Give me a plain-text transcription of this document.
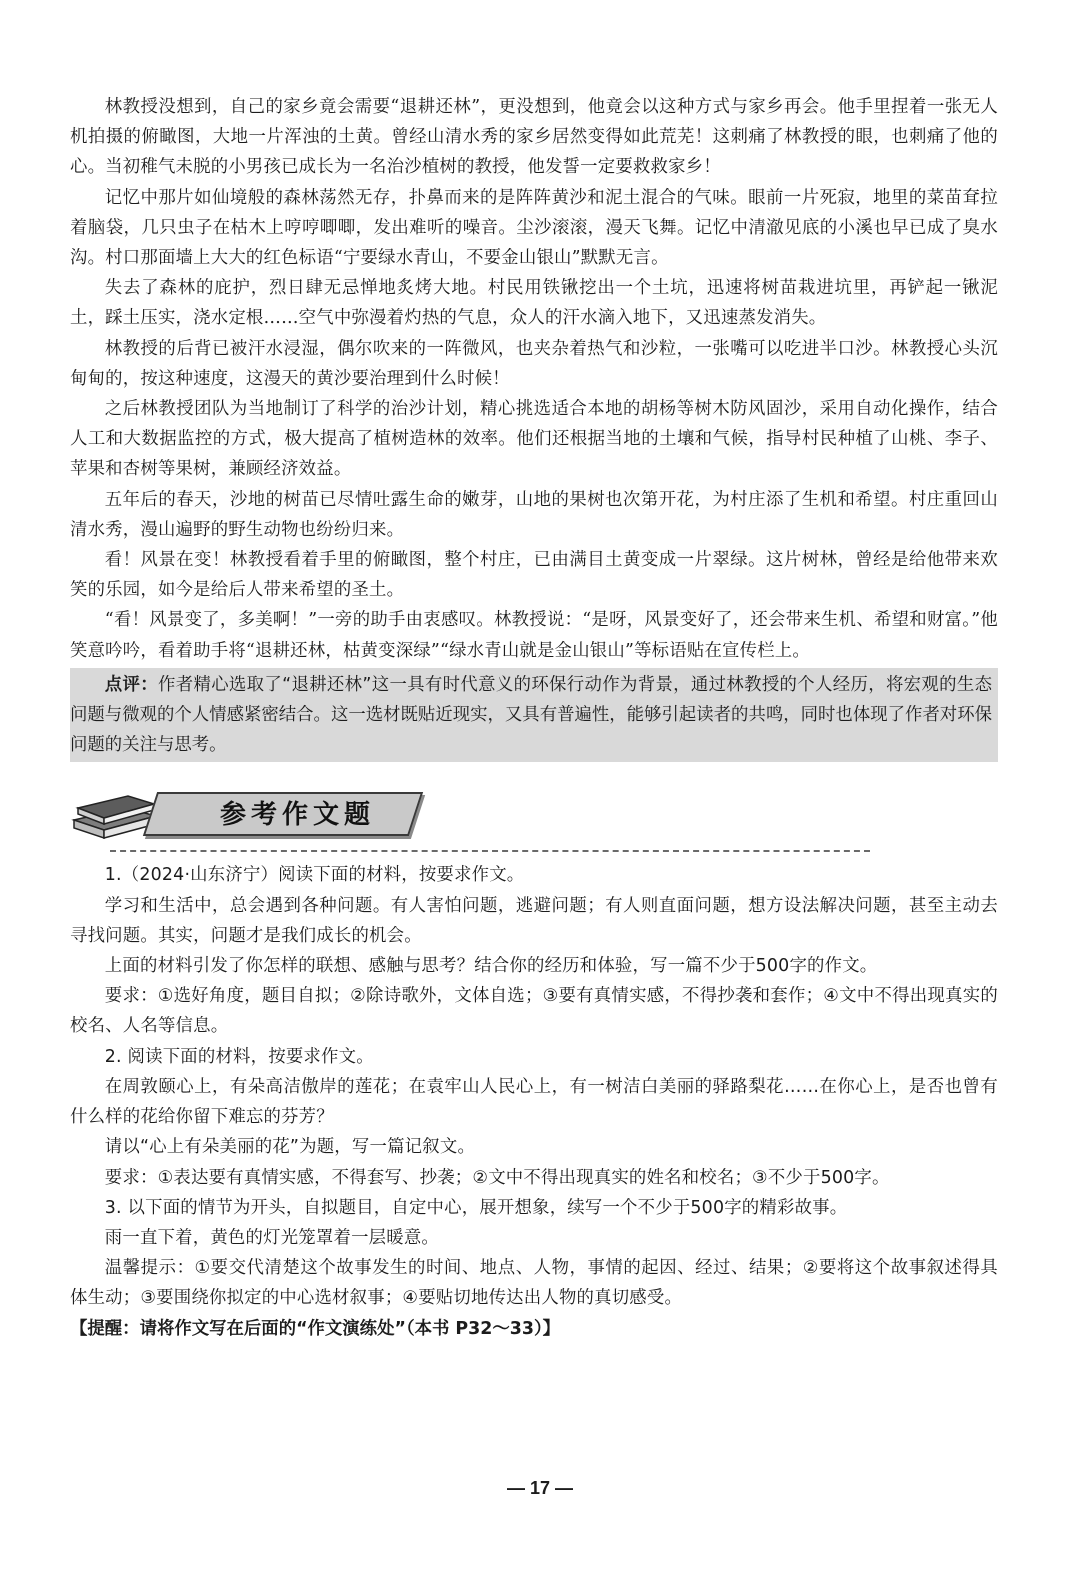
林教授没想到，自己的家乡竟会需要“退耕还林”，更没想到，他竟会以这种方式与家乡再会。他手里捏着一张无人机拍摄的俯瞰图，大地一片浑浊的土黄。曾经山清水秀的家乡居然变得如此荒芜！这刺痛了林教授的眼，也刺痛了他的心。当初稚气未脱的小男孩已成长为一名治沙植树的教授，他发誓一定要救救家乡！

记忆中那片如仙境般的森林荡然无存，扑鼻而来的是阵阵黄沙和泥土混合的气味。眼前一片死寂，地里的菜苗耷拉着脑袋，几只虫子在枯木上哼哼唧唧，发出难听的噪音。尘沙滚滚，漫天飞舞。记忆中清澈见底的小溪也早已成了臭水沟。村口那面墙上大大的红色标语“宁要绿水青山，不要金山银山”默默无言。

失去了森林的庇护，烈日肆无忌惮地炙烤大地。村民用铁锹挖出一个土坑，迅速将树苗栽进坑里，再铲起一锹泥土，踩土压实，浇水定根……空气中弥漫着灼热的气息，众人的汗水滴入地下，又迅速蒸发消失。

林教授的后背已被汗水浸湿，偶尔吹来的一阵微风，也夹杂着热气和沙粒，一张嘴可以吃进半口沙。林教授心头沉甸甸的，按这种速度，这漫天的黄沙要治理到什么时候！

之后林教授团队为当地制订了科学的治沙计划，精心挑选适合本地的胡杨等树木防风固沙，采用自动化操作，结合人工和大数据监控的方式，极大提高了植树造林的效率。他们还根据当地的土壤和气候，指导村民种植了山桃、李子、苹果和杏树等果树，兼顾经济效益。

五年后的春天，沙地的树苗已尽情吐露生命的嫩芽，山地的果树也次第开花，为村庄添了生机和希望。村庄重回山清水秀，漫山遍野的野生动物也纷纷归来。

看！风景在变！林教授看着手里的俯瞰图，整个村庄，已由满目土黄变成一片翠绿。这片树林，曾经是给他带来欢笑的乐园，如今是给后人带来希望的圣土。

“看！风景变了，多美啊！”一旁的助手由衷感叹。林教授说：“是呀，风景变好了，还会带来生机、希望和财富。”他笑意吟吟，看着助手将“退耕还林，枯黄变深绿”“绿水青山就是金山银山”等标语贴在宣传栏上。

点评：作者精心选取了“退耕还林”这一具有时代意义的环保行动作为背景，通过林教授的个人经历，将宏观的生态问题与微观的个人情感紧密结合。这一选材既贴近现实，又具有普遍性，能够引起读者的共鸣，同时也体现了作者对环保问题的关注与思考。
参考作文题

1.（2024·山东济宁）阅读下面的材料，按要求作文。

学习和生活中，总会遇到各种问题。有人害怕问题，逃避问题；有人则直面问题，想方设法解决问题，甚至主动去寻找问题。其实，问题才是我们成长的机会。

上面的材料引发了你怎样的联想、感触与思考？结合你的经历和体验，写一篇不少于500字的作文。

要求：①选好角度，题目自拟；②除诗歌外，文体自选；③要有真情实感，不得抄袭和套作；④文中不得出现真实的校名、人名等信息。

2. 阅读下面的材料，按要求作文。

在周敦颐心上，有朵高洁傲岸的莲花；在袁牢山人民心上，有一树洁白美丽的驿路梨花……在你心上，是否也曾有什么样的花给你留下难忘的芬芳？

请以“心上有朵美丽的花”为题，写一篇记叙文。

要求：①表达要有真情实感，不得套写、抄袭；②文中不得出现真实的姓名和校名；③不少于500字。

3. 以下面的情节为开头，自拟题目，自定中心，展开想象，续写一个不少于500字的精彩故事。

雨一直下着，黄色的灯光笼罩着一层暖意。

温馨提示：①要交代清楚这个故事发生的时间、地点、人物，事情的起因、经过、结果；②要将这个故事叙述得具体生动；③要围绕你拟定的中心选材叙事；④要贴切地传达出人物的真切感受。

【提醒：请将作文写在后面的“作文演练处”（本书 P32～33）】

— 17 —
